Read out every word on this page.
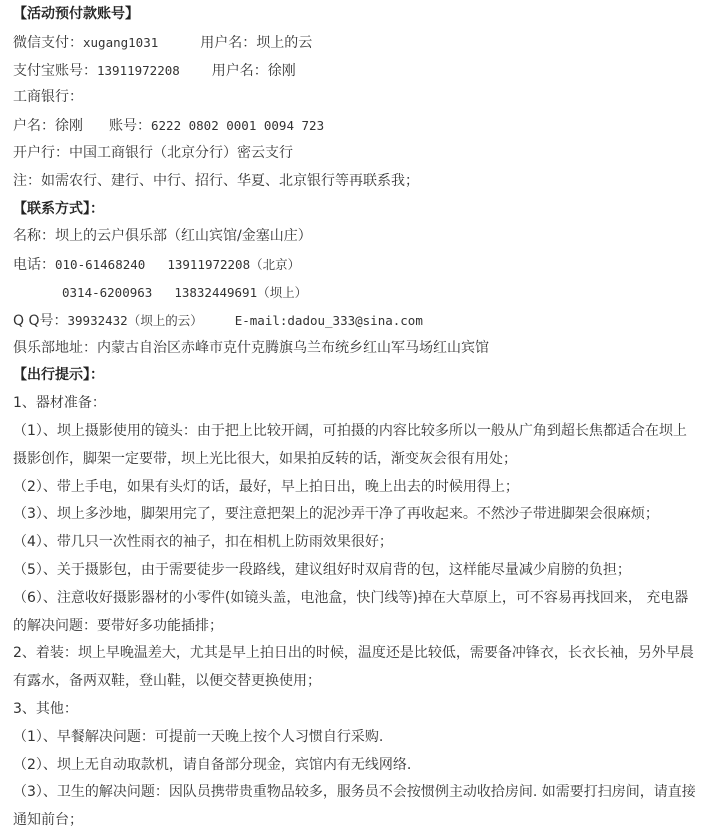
【活动预付款账号】
微信支付：xugang1031	用户名：坝上的云
支付宝账号：13911972208 用户名：徐刚
工商银行：
户名：徐刚 账号：6222 0802 0001 0094 723
开户行：中国工商银行（北京分行）密云支行
注：如需农行、建行、中行、招行、华夏、北京银行等再联系我；
【联系方式】：
名称：坝上的云户俱乐部（红山宾馆/金塞山庄）
电话：010-61468240 13911972208（北京）
0314-6200963 13832449691（坝上）
Q Q号：39932432（坝上的云）	E-mail:dadou_333@sina.com
俱乐部地址：内蒙古自治区赤峰市克什克腾旗乌兰布统乡红山军马场红山宾馆
【出行提示】：
1、器材准备：
（1）、坝上摄影使用的镜头：由于把上比较开阔，可拍摄的内容比较多所以一般从广角到超长焦都适合在坝上摄影创作，脚架一定要带，坝上光比很大，如果拍反转的话，渐变灰会很有用处；
（2）、带上手电，如果有头灯的话，最好，早上拍日出，晚上出去的时候用得上；
（3）、坝上多沙地，脚架用完了，要注意把架上的泥沙弄干净了再收起来。不然沙子带进脚架会很麻烦；
（4）、带几只一次性雨衣的袖子，扣在相机上防雨效果很好；
（5）、关于摄影包，由于需要徒步一段路线，建议组好时双肩背的包，这样能尽量减少肩膀的负担；
（6）、注意收好摄影器材的小零件(如镜头盖，电池盒，快门线等)掉在大草原上，可不容易再找回来， 充电器的解决问题：要带好多功能插排；
2、着装：坝上早晚温差大，尤其是早上拍日出的时候，温度还是比较低，需要备冲锋衣，长衣长袖，另外早晨有露水，备两双鞋，登山鞋，以便交替更换使用；
3、其他：
（1）、早餐解决问题：可提前一天晚上按个人习惯自行采购.
（2）、坝上无自动取款机，请自备部分现金，宾馆内有无线网络.
（3）、卫生的解决问题：因队员携带贵重物品较多，服务员不会按惯例主动收拾房间. 如需要打扫房间，请直接通知前台；
